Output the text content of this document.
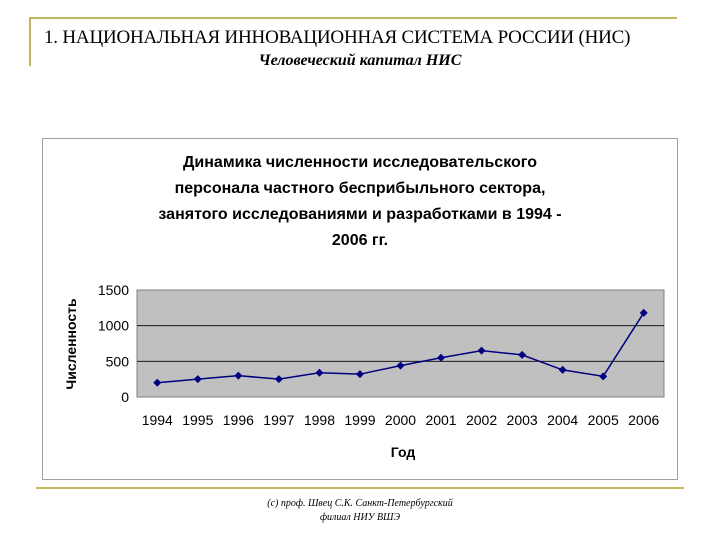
1. НАЦИОНАЛЬНАЯ ИННОВАЦИОННАЯ СИСТЕМА РОССИИ (НИС)
Человеческий капитал НИС
Динамика численности исследовательского
персонала частного бесприбыльного сектора,
занятого исследованиями и разработками в 1994 -
2006 гг.
0
500
1000
1500
1994 1995 1996 1997 1998 1999 2000 2001 2002 2003 2004 2005 2006
Год
Численность
(с) проф. Швец С.К. Санкт-Петербургский
филиал НИУ ВШЭ
